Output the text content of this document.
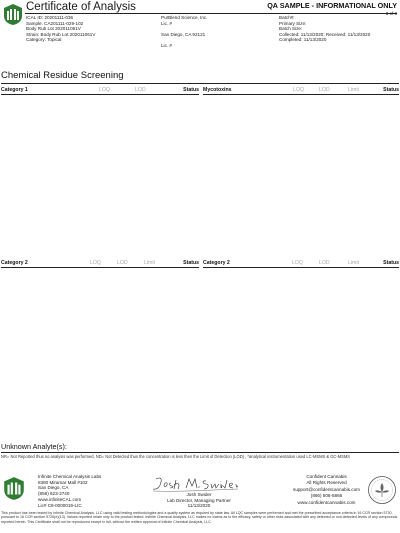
Certificate of Analysis	QA SAMPLE - INFORMATIONAL ONLY
3 of 3
ICAL ID: 20201111-036
Sample: CA201111-029-102
Body Rub Lot 202011061V
Strain: Body Rub Lot 202011061V
Category: Topical
PurBlend Science, Inc.
Lic. #
San Diego, CA 92121
Lic. #
Batch#:
Primary Size:
Batch Size:
Collected: 11/13/2020; Received: 11/13/2020
Completed: 11/13/2020
Chemical Residue Screening
Category 1	LOQ	LOD	Status Mycotoxins	LOQ	LOD	Limit	Status
Category 2	LOQ	LOD	Limit	Status Category 2	LOQ	LOD	Limit	Status
Unknown Analyte(s):
NR= Not Reported thus no analysis was performed, ND= Not Detected thus the concentration is less then the Limit of Detection (LOD) , *analytical instrumentation used LC-MSMS & GC-MSMS
Infinite Chemical Analysis Labs
8380 Miramar Mall #102
San Diego, CA
(858) 623-2740
www.infiniteCAL.com
Lic# C8-0000019-LIC
Josh Swider
Lab Director, Managing Partner
11/13/2020
Confident Cannabis
All Rights Reserved
support@confidentcannabis.com
(866) 506-5866
www.confidentcannabis.com
This product has been tested by Infinite Chemical Analysis, LLC using valid testing methodologies and a quality system as required by state law. All LQC samples were performed and met the prescribed acceptance criteria in 16 CCR section 5730, pursuant to 16 CCR section 5726(e)(13). Values reported relate only to the product tested. Infinite Chemical Analysis, LLC makes no claims as to the efficacy, safety or other risks associated with any detected or non-detected levels of any compounds reported herein. This Certificate shall not be reproduced except in full, without the written approval of Infinite Chemical Analysis, LLC.
